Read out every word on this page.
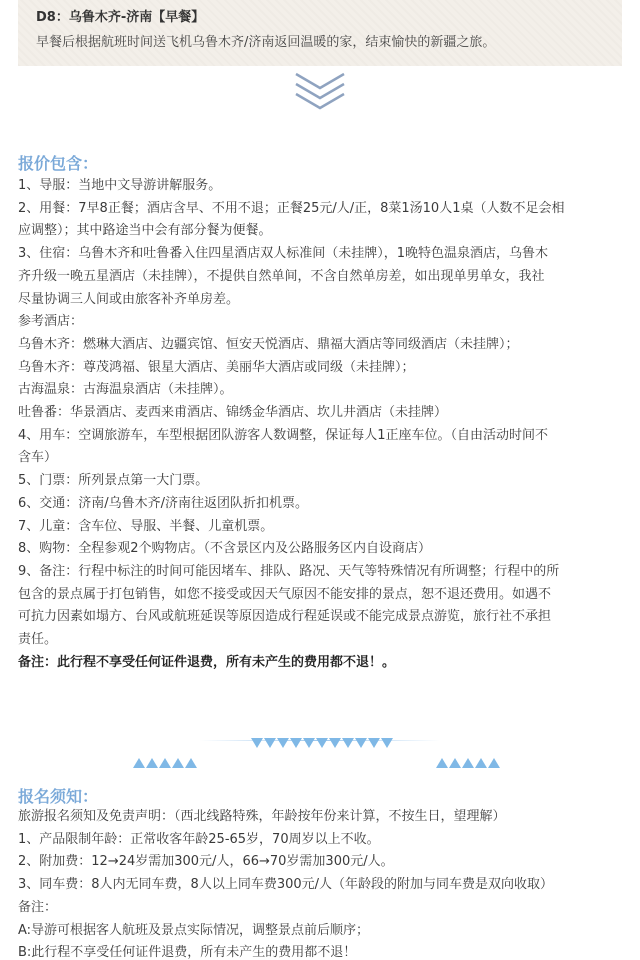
D8：乌鲁木齐-济南【早餐】
早餐后根据航班时间送飞机乌鲁木齐/济南返回温暖的家，结束愉快的新疆之旅。
报价包含：
1、导服：当地中文导游讲解服务。
2、用餐：7早8正餐；酒店含早、不用不退；正餐25元/人/正，8菜1汤10人1桌（人数不足会相
应调整）；其中路途当中会有部分餐为便餐。
3、住宿：乌鲁木齐和吐鲁番入住四星酒店双人标准间（未挂牌），1晚特色温泉酒店，乌鲁木
齐升级一晚五星酒店（未挂牌），不提供自然单间，不含自然单房差，如出现单男单女，我社
尽量协调三人间或由旅客补齐单房差。
参考酒店：
乌鲁木齐：燃琳大酒店、边疆宾馆、恒安天悦酒店、鼎福大酒店等同级酒店（未挂牌）；
乌鲁木齐：尊茂鸿福、银星大酒店、美丽华大酒店或同级（未挂牌）；
古海温泉：古海温泉酒店（未挂牌）。
吐鲁番：华景酒店、麦西来甫酒店、锦绣金华酒店、坎儿井酒店（未挂牌）
4、用车：空调旅游车，车型根据团队游客人数调整，保证每人1正座车位。（自由活动时间不
含车）
5、门票：所列景点第一大门票。
6、交通：济南/乌鲁木齐/济南往返团队折扣机票。
7、儿童：含车位、导服、半餐、儿童机票。
8、购物：全程参观2个购物店。（不含景区内及公路服务区内自设商店）
9、备注：行程中标注的时间可能因堵车、排队、路况、天气等特殊情况有所调整；行程中的所
包含的景点属于打包销售，如您不接受或因天气原因不能安排的景点，恕不退还费用。如遇不
可抗力因素如塌方、台风或航班延误等原因造成行程延误或不能完成景点游览，旅行社不承担
责任。
备注：此行程不享受任何证件退费，所有未产生的费用都不退！。
报名须知：
旅游报名须知及免责声明：（西北线路特殊，年龄按年份来计算，不按生日，望理解）
1、产品限制年龄：正常收客年龄25-65岁，70周岁以上不收。
2、附加费：12→24岁需加300元/人，66→70岁需加300元/人。
3、同车费：8人内无同车费，8人以上同车费300元/人（年龄段的附加与同车费是双向收取）
备注：
A:导游可根据客人航班及景点实际情况，调整景点前后顺序；
B:此行程不享受任何证件退费，所有未产生的费用都不退！
